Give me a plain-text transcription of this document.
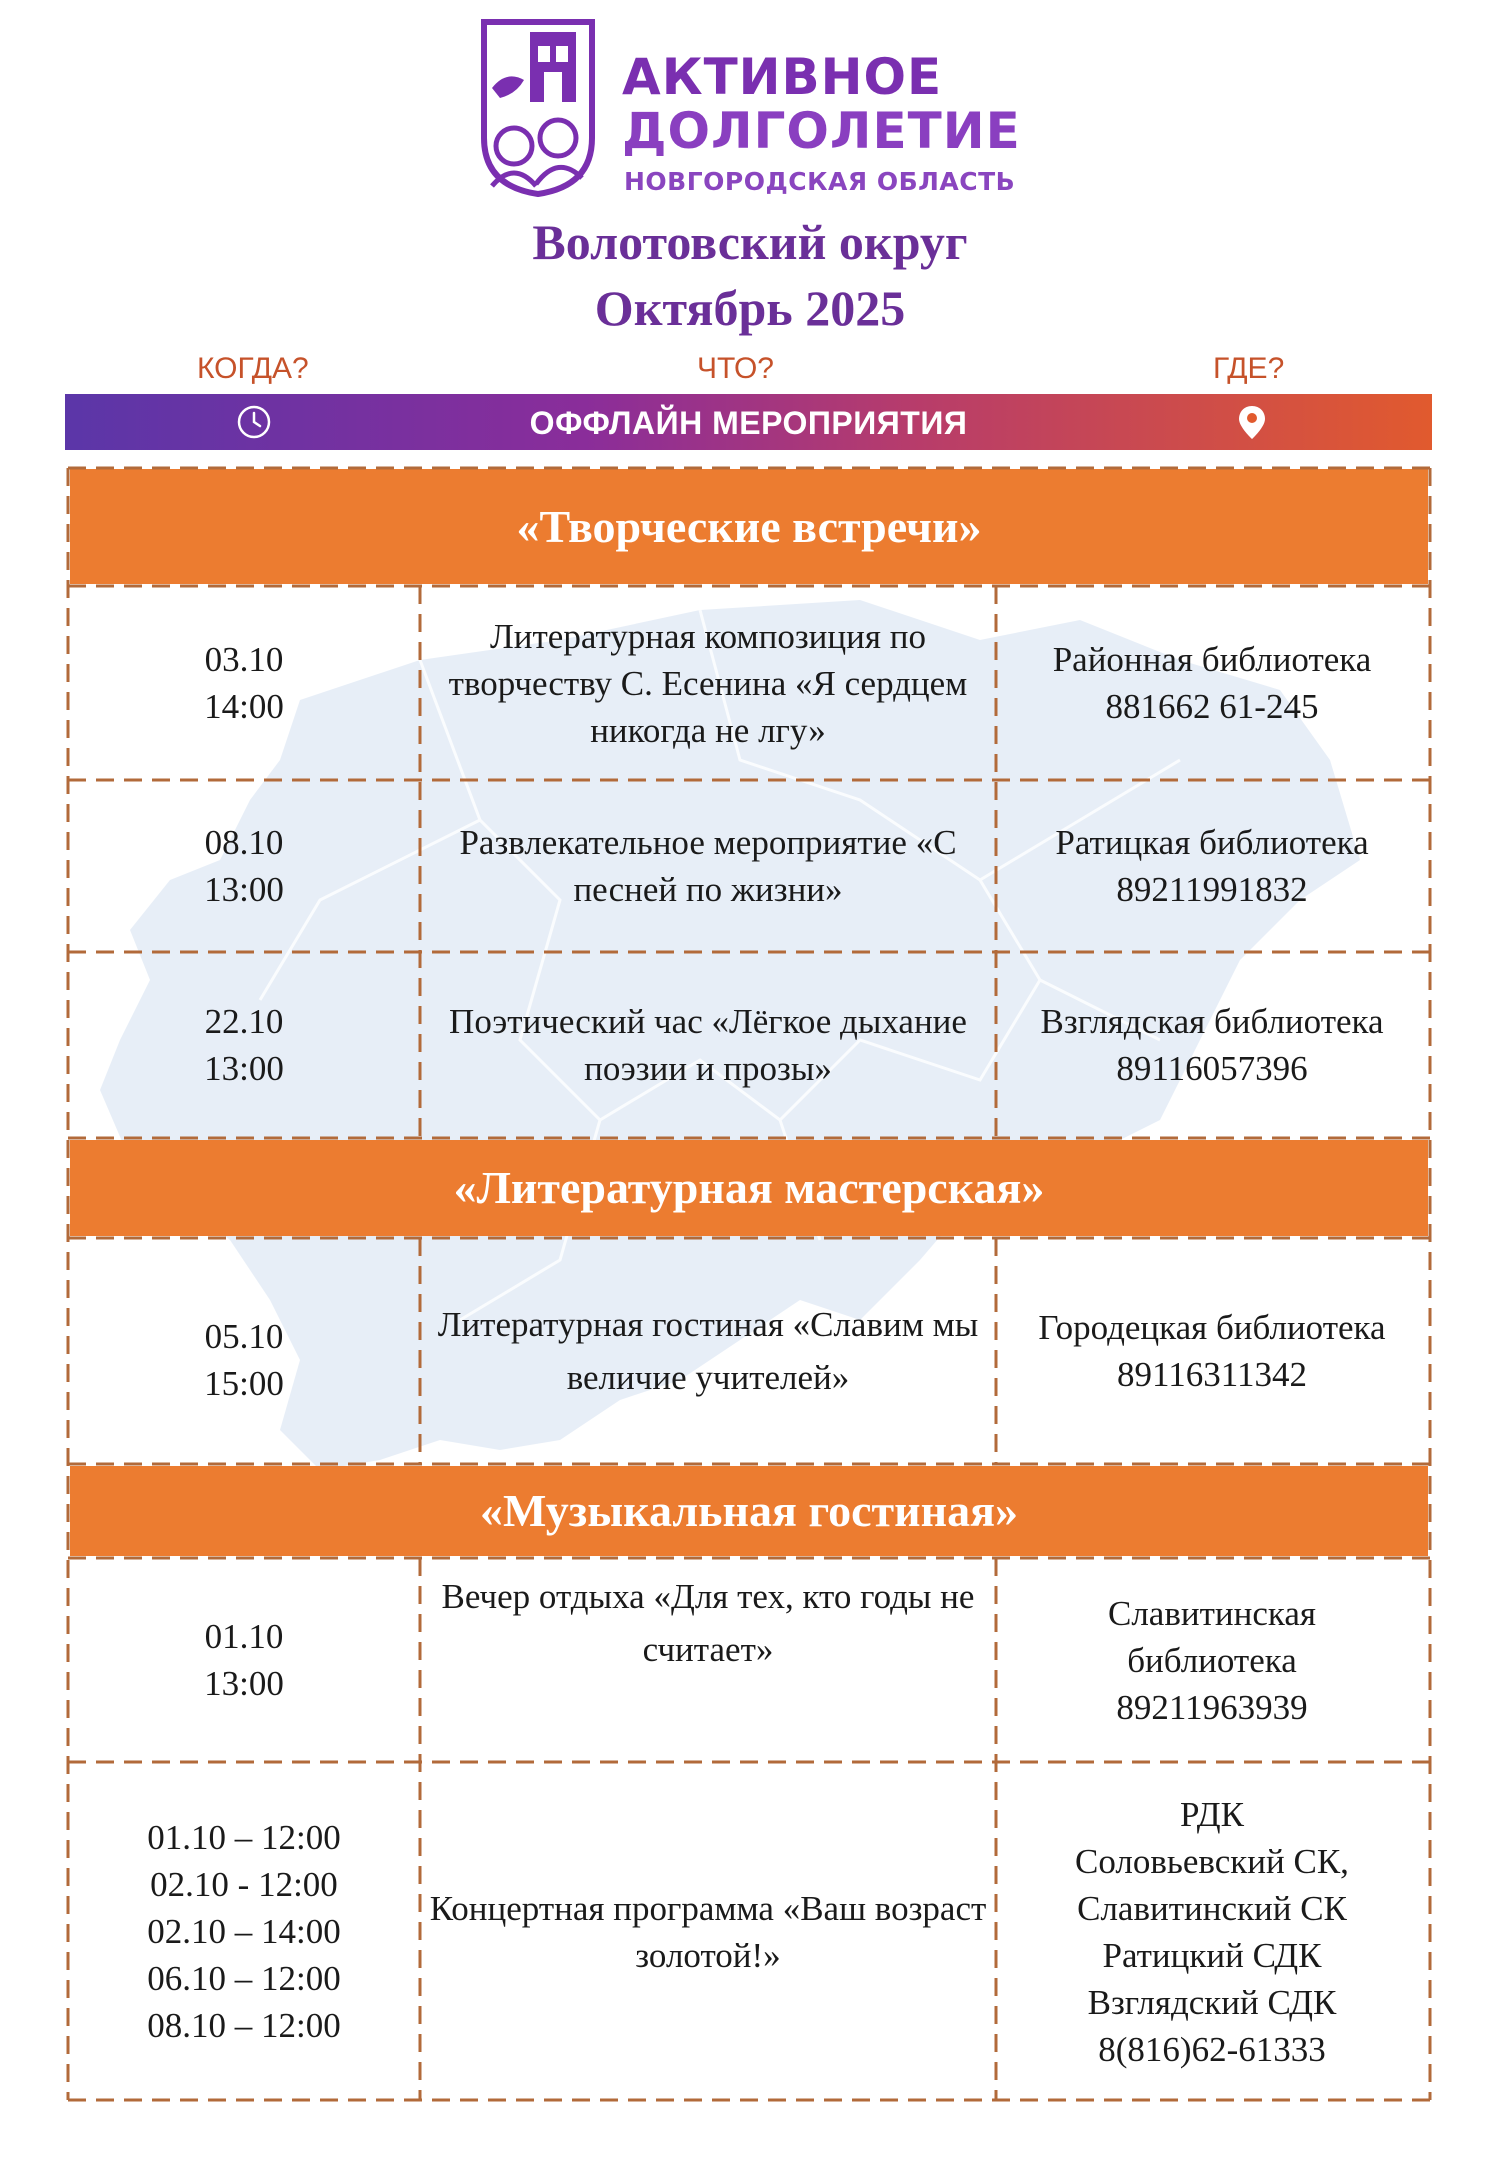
АКТИВНОЕ
ДОЛГОЛЕТИЕ
НОВГОРОДСКАЯ ОБЛАСТЬ
Волотовский округ
Октябрь 2025
КОГДА?	ЧТО?	ГДЕ?
ОФФЛАЙН МЕРОПРИЯТИЯ
«Творческие встречи»
«Литературная мастерская»
«Музыкальная гостиная»
03.10
14:00
Литературная композиция по творчеству С. Есенина «Я сердцем никогда не лгу»
Районная библиотека
881662 61-245
08.10
13:00
Развлекательное мероприятие «С песней по жизни»
Ратицкая библиотека
89211991832
22.10
13:00
Поэтический час «Лёгкое дыхание поэзии и прозы»
Взглядская библиотека
89116057396
05.10
15:00
Литературная гостиная «Славим мы величие учителей»
Городецкая библиотека
89116311342
01.10
13:00
Вечер отдыха «Для тех, кто годы не считает»
Славитинская
библиотека
89211963939
01.10 – 12:00
02.10 - 12:00
02.10 – 14:00
06.10 – 12:00
08.10 – 12:00
Концертная программа «Ваш возраст золотой!»
РДК
Соловьевский СК,
Славитинский СК
Ратицкий СДК
Взглядский СДК
8(816)62-61333
